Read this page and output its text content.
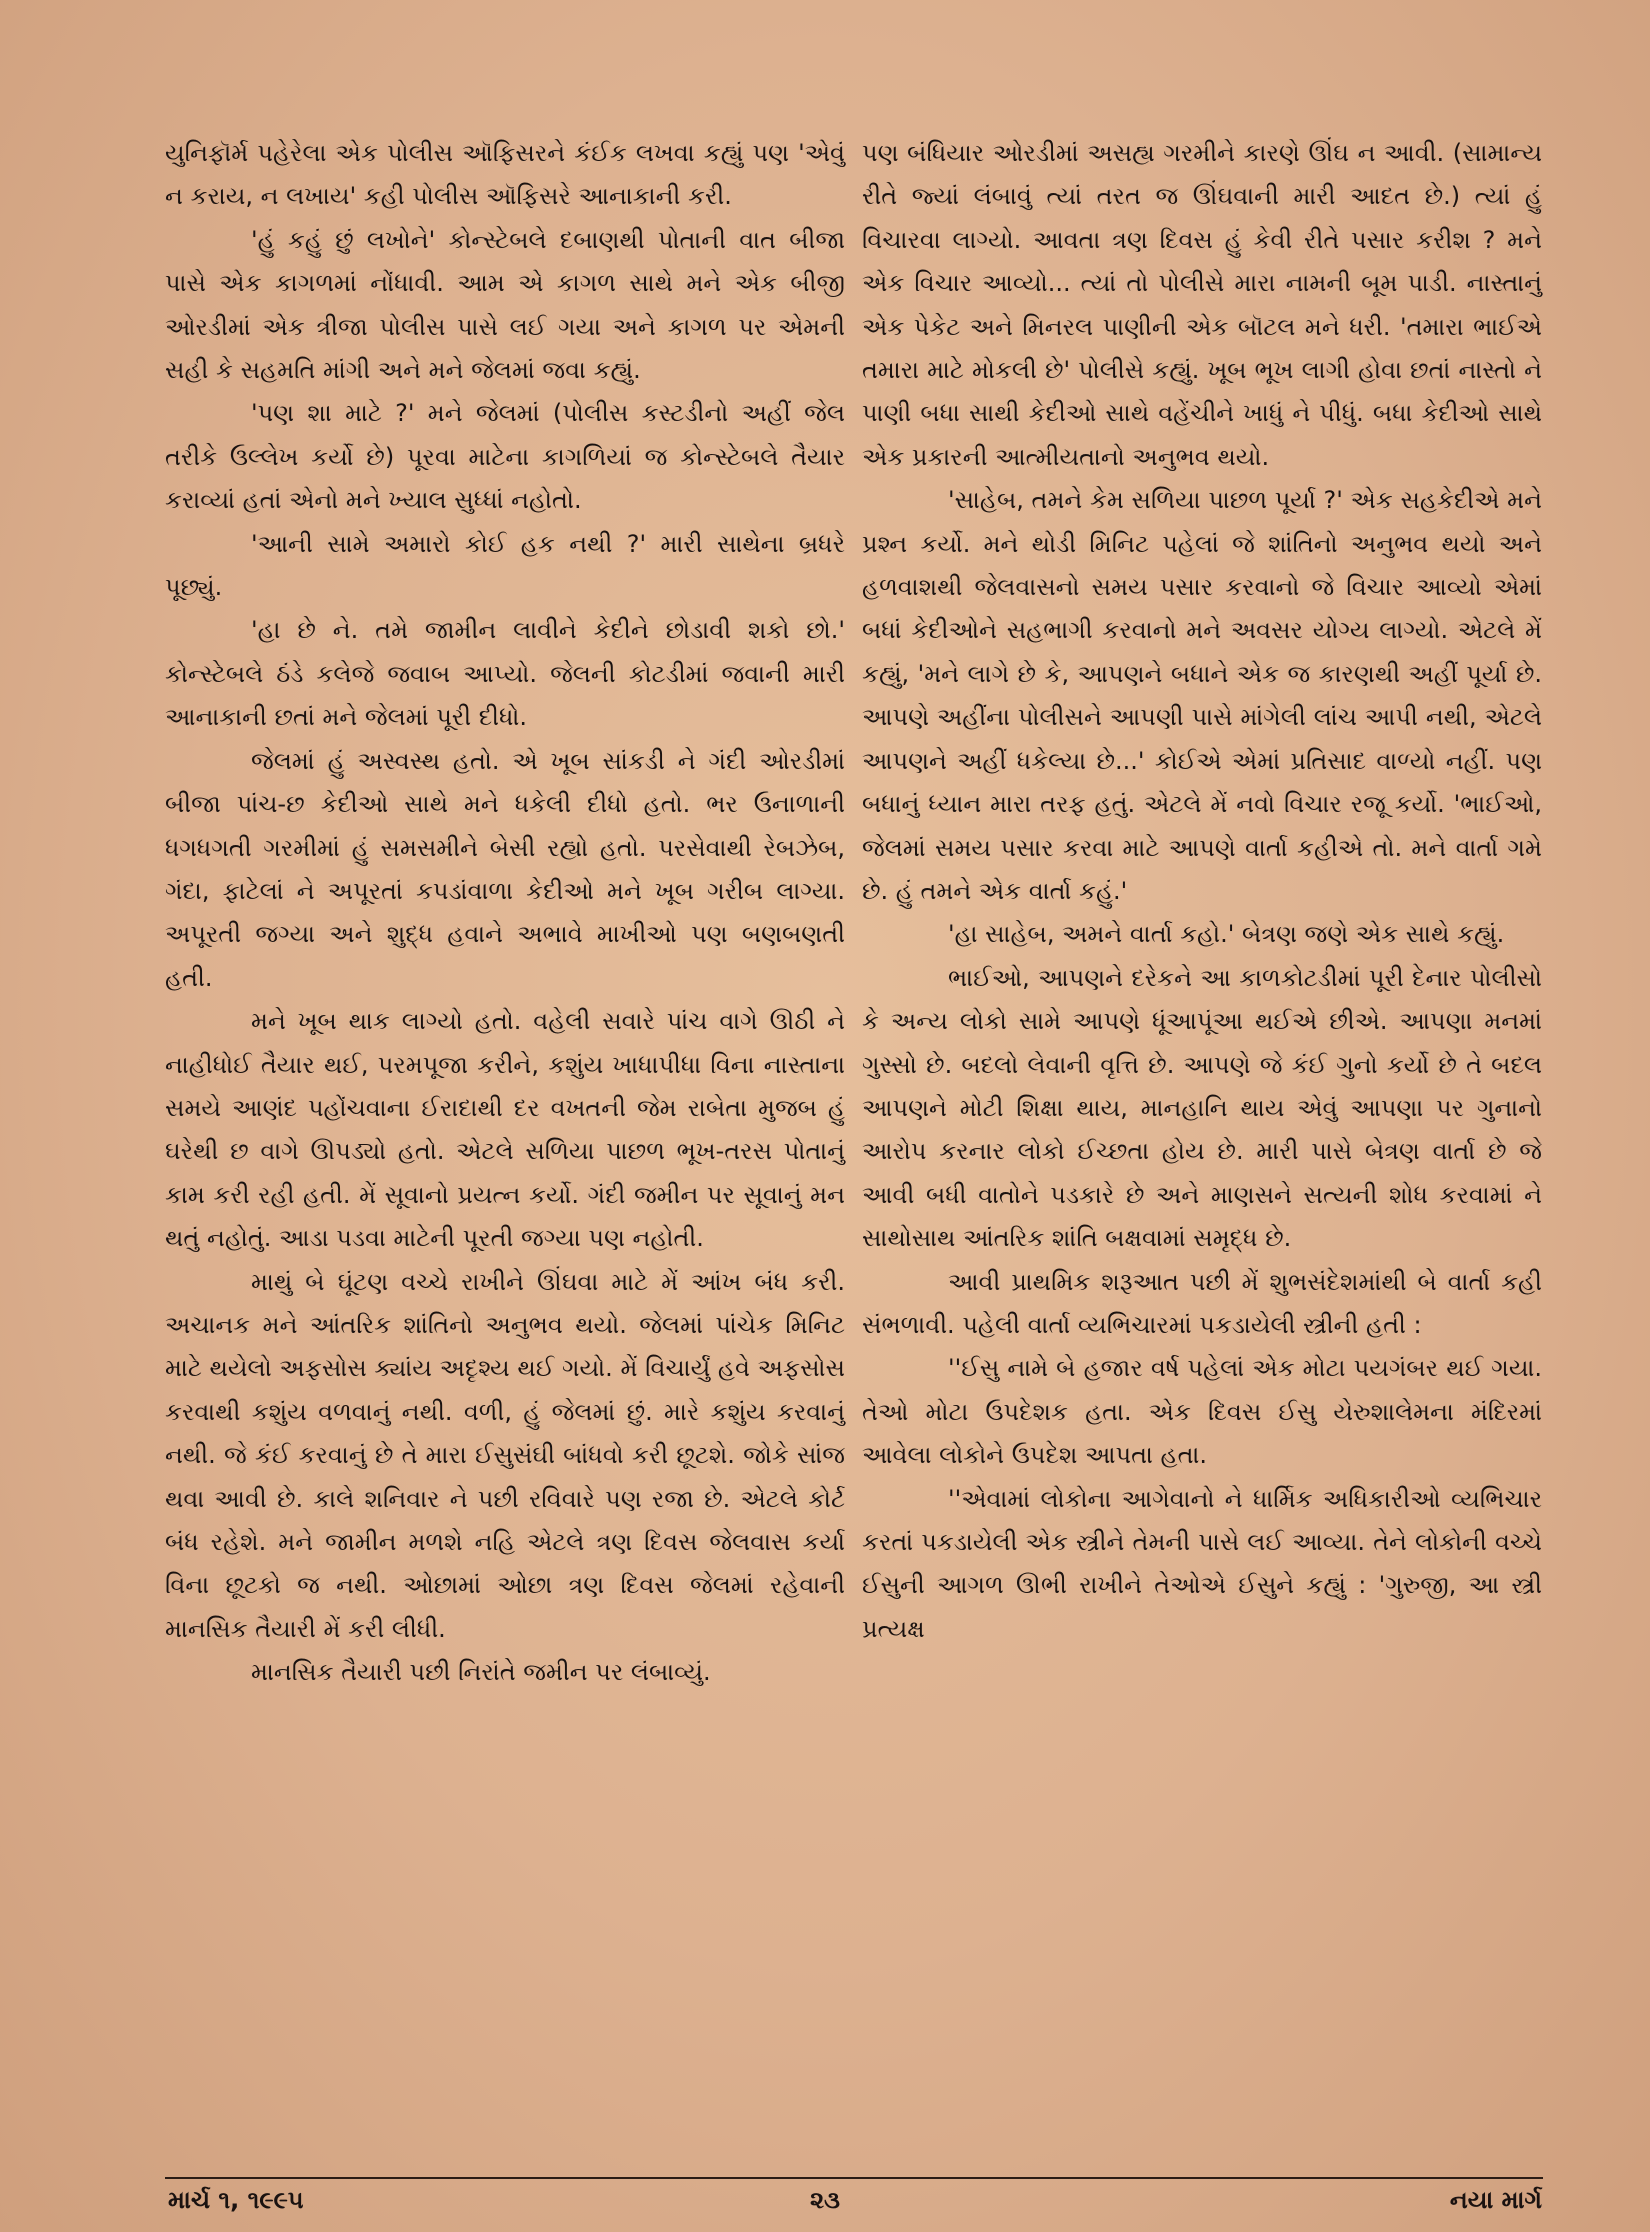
યુનિફૉર્મ પહેરેલા એક પોલીસ ઑફિસરને કંઈક લખવા કહ્યું પણ 'એવું ન કરાય, ન લખાય' કહી પોલીસ ઑફિસરે આનાકાની કરી.

'હું કહું છું લખોને' કોન્સ્ટેબલે દબાણથી પોતાની વાત બીજા પાસે એક કાગળમાં નોંધાવી. આમ એ કાગળ સાથે મને એક બીજી ઓરડીમાં એક ત્રીજા પોલીસ પાસે લઈ ગયા અને કાગળ પર એમની સહી કે સહમતિ માંગી અને મને જેલમાં જવા કહ્યું.

'પણ શા માટે ?' મને જેલમાં (પોલીસ કસ્ટડીનો અહીં જેલ તરીકે ઉલ્લેખ કર્યો છે) પૂરવા માટેના કાગળિયાં જ કોન્સ્ટેબલે તૈયાર કરાવ્યાં હતાં એનો મને ખ્યાલ સુધ્ધાં નહોતો.

'આની સામે અમારો કોઈ હક નથી ?' મારી સાથેના બ્રધરે પૂછ્યું.

'હા છે ને. તમે જામીન લાવીને કેદીને છોડાવી શકો છો.' કોન્સ્ટેબલે ઠંડે કલેજે જવાબ આપ્યો. જેલની કોટડીમાં જવાની મારી આનાકાની છતાં મને જેલમાં પૂરી દીધો.

જેલમાં હું અસ્વસ્થ હતો. એ ખૂબ સાંકડી ને ગંદી ઓરડીમાં બીજા પાંચ-છ કેદીઓ સાથે મને ધકેલી દીધો હતો. ભર ઉનાળાની ધગધગતી ગરમીમાં હું સમસમીને બેસી રહ્યો હતો. પરસેવાથી રેબઝેબ, ગંદા, ફાટેલાં ને અપૂરતાં કપડાંવાળા કેદીઓ મને ખૂબ ગરીબ લાગ્યા. અપૂરતી જગ્યા અને શુદ્ધ હવાને અભાવે માખીઓ પણ બણબણતી હતી.

મને ખૂબ થાક લાગ્યો હતો. વહેલી સવારે પાંચ વાગે ઊઠી ને નાહીધોઈ તૈયાર થઈ, પરમપૂજા કરીને, કશુંય ખાધાપીધા વિના નાસ્તાના સમયે આણંદ પહોંચવાના ઈરાદાથી દર વખતની જેમ રાબેતા મુજબ હું ઘરેથી છ વાગે ઊપડ્યો હતો. એટલે સળિયા પાછળ ભૂખ-તરસ પોતાનું કામ કરી રહી હતી. મેં સૂવાનો પ્રયત્ન કર્યો. ગંદી જમીન પર સૂવાનું મન થતું નહોતું. આડા પડવા માટેની પૂરતી જગ્યા પણ નહોતી.

માથું બે ઘૂંટણ વચ્ચે રાખીને ઊંઘવા માટે મેં આંખ બંધ કરી. અચાનક મને આંતરિક શાંતિનો અનુભવ થયો. જેલમાં પાંચેક મિનિટ માટે થયેલો અફસોસ ક્યાંય અદૃશ્ય થઈ ગયો. મેં વિચાર્યું હવે અફસોસ કરવાથી કશુંય વળવાનું નથી. વળી, હું જેલમાં છું. મારે કશુંય કરવાનું નથી. જે કંઈ કરવાનું છે તે મારા ઈસુસંઘી બાંધવો કરી છૂટશે. જોકે સાંજ થવા આવી છે. કાલે શનિવાર ને પછી રવિવારે પણ રજા છે. એટલે કોર્ટ બંધ રહેશે. મને જામીન મળશે નહિ એટલે ત્રણ દિવસ જેલવાસ કર્યા વિના છૂટકો જ નથી. ઓછામાં ઓછા ત્રણ દિવસ જેલમાં રહેવાની માનસિક તૈયારી મેં કરી લીધી.

માનસિક તૈયારી પછી નિરાંતે જમીન પર લંબાવ્યું.

પણ બંધિયાર ઓરડીમાં અસહ્ય ગરમીને કારણે ઊંઘ ન આવી. (સામાન્ય રીતે જ્યાં લંબાવું ત્યાં તરત જ ઊંઘવાની મારી આદત છે.) ત્યાં હું વિચારવા લાગ્યો. આવતા ત્રણ દિવસ હું કેવી રીતે પસાર કરીશ ? મને એક વિચાર આવ્યો... ત્યાં તો પોલીસે મારા નામની બૂમ પાડી. નાસ્તાનું એક પેકેટ અને મિનરલ પાણીની એક બૉટલ મને ધરી. 'તમારા ભાઈએ તમારા માટે મોકલી છે' પોલીસે કહ્યું. ખૂબ ભૂખ લાગી હોવા છતાં નાસ્તો ને પાણી બધા સાથી કેદીઓ સાથે વહેંચીને ખાધું ને પીધું. બધા કેદીઓ સાથે એક પ્રકારની આત્મીયતાનો અનુભવ થયો.

'સાહેબ, તમને કેમ સળિયા પાછળ પૂર્યા ?' એક સહકેદીએ મને પ્રશ્ન કર્યો. મને થોડી મિનિટ પહેલાં જે શાંતિનો અનુભવ થયો અને હળવાશથી જેલવાસનો સમય પસાર કરવાનો જે વિચાર આવ્યો એમાં બધાં કેદીઓને સહભાગી કરવાનો મને અવસર યોગ્ય લાગ્યો. એટલે મેં કહ્યું, 'મને લાગે છે કે, આપણને બધાને એક જ કારણથી અહીં પૂર્યા છે. આપણે અહીંના પોલીસને આપણી પાસે માંગેલી લાંચ આપી નથી, એટલે આપણને અહીં ધકેલ્યા છે...' કોઈએ એમાં પ્રતિસાદ વાળ્યો નહીં. પણ બધાનું ધ્યાન મારા તરફ હતું. એટલે મેં નવો વિચાર રજૂ કર્યો. 'ભાઈઓ, જેલમાં સમય પસાર કરવા માટે આપણે વાર્તા કહીએ તો. મને વાર્તા ગમે છે. હું તમને એક વાર્તા કહું.'

'હા સાહેબ, અમને વાર્તા કહો.' બેત્રણ જણે એક સાથે કહ્યું.

ભાઈઓ, આપણને દરેકને આ કાળકોટડીમાં પૂરી દેનાર પોલીસો કે અન્ય લોકો સામે આપણે ધૂંઆપૂંઆ થઈએ છીએ. આપણા મનમાં ગુસ્સો છે. બદલો લેવાની વૃત્તિ છે. આપણે જે કંઈ ગુનો કર્યો છે તે બદલ આપણને મોટી શિક્ષા થાય, માનહાનિ થાય એવું આપણા પર ગુનાનો આરોપ કરનાર લોકો ઈચ્છતા હોય છે. મારી પાસે બેત્રણ વાર્તા છે જે આવી બધી વાતોને પડકારે છે અને માણસને સત્યની શોધ કરવામાં ને સાથોસાથ આંતરિક શાંતિ બક્ષવામાં સમૃદ્ધ છે.

આવી પ્રાથમિક શરૂઆત પછી મેં શુભસંદેશમાંથી બે વાર્તા કહી સંભળાવી. પહેલી વાર્તા વ્યભિચારમાં પકડાયેલી સ્ત્રીની હતી :

''ઈસુ નામે બે હજાર વર્ષ પહેલાં એક મોટા પયગંબર થઈ ગયા. તેઓ મોટા ઉપદેશક હતા. એક દિવસ ઈસુ યેરુશાલેમના મંદિરમાં આવેલા લોકોને ઉપદેશ આપતા હતા.

''એવામાં લોકોના આગેવાનો ને ધાર્મિક અધિકારીઓ વ્યભિચાર કરતાં પકડાયેલી એક સ્ત્રીને તેમની પાસે લઈ આવ્યા. તેને લોકોની વચ્ચે ઈસુની આગળ ઊભી રાખીને તેઓએ ઈસુને કહ્યું : 'ગુરુજી, આ સ્ત્રી પ્રત્યક્ષ

માર્ચ ૧, ૧૯૯૫	૨૩	નયા માર્ગ
